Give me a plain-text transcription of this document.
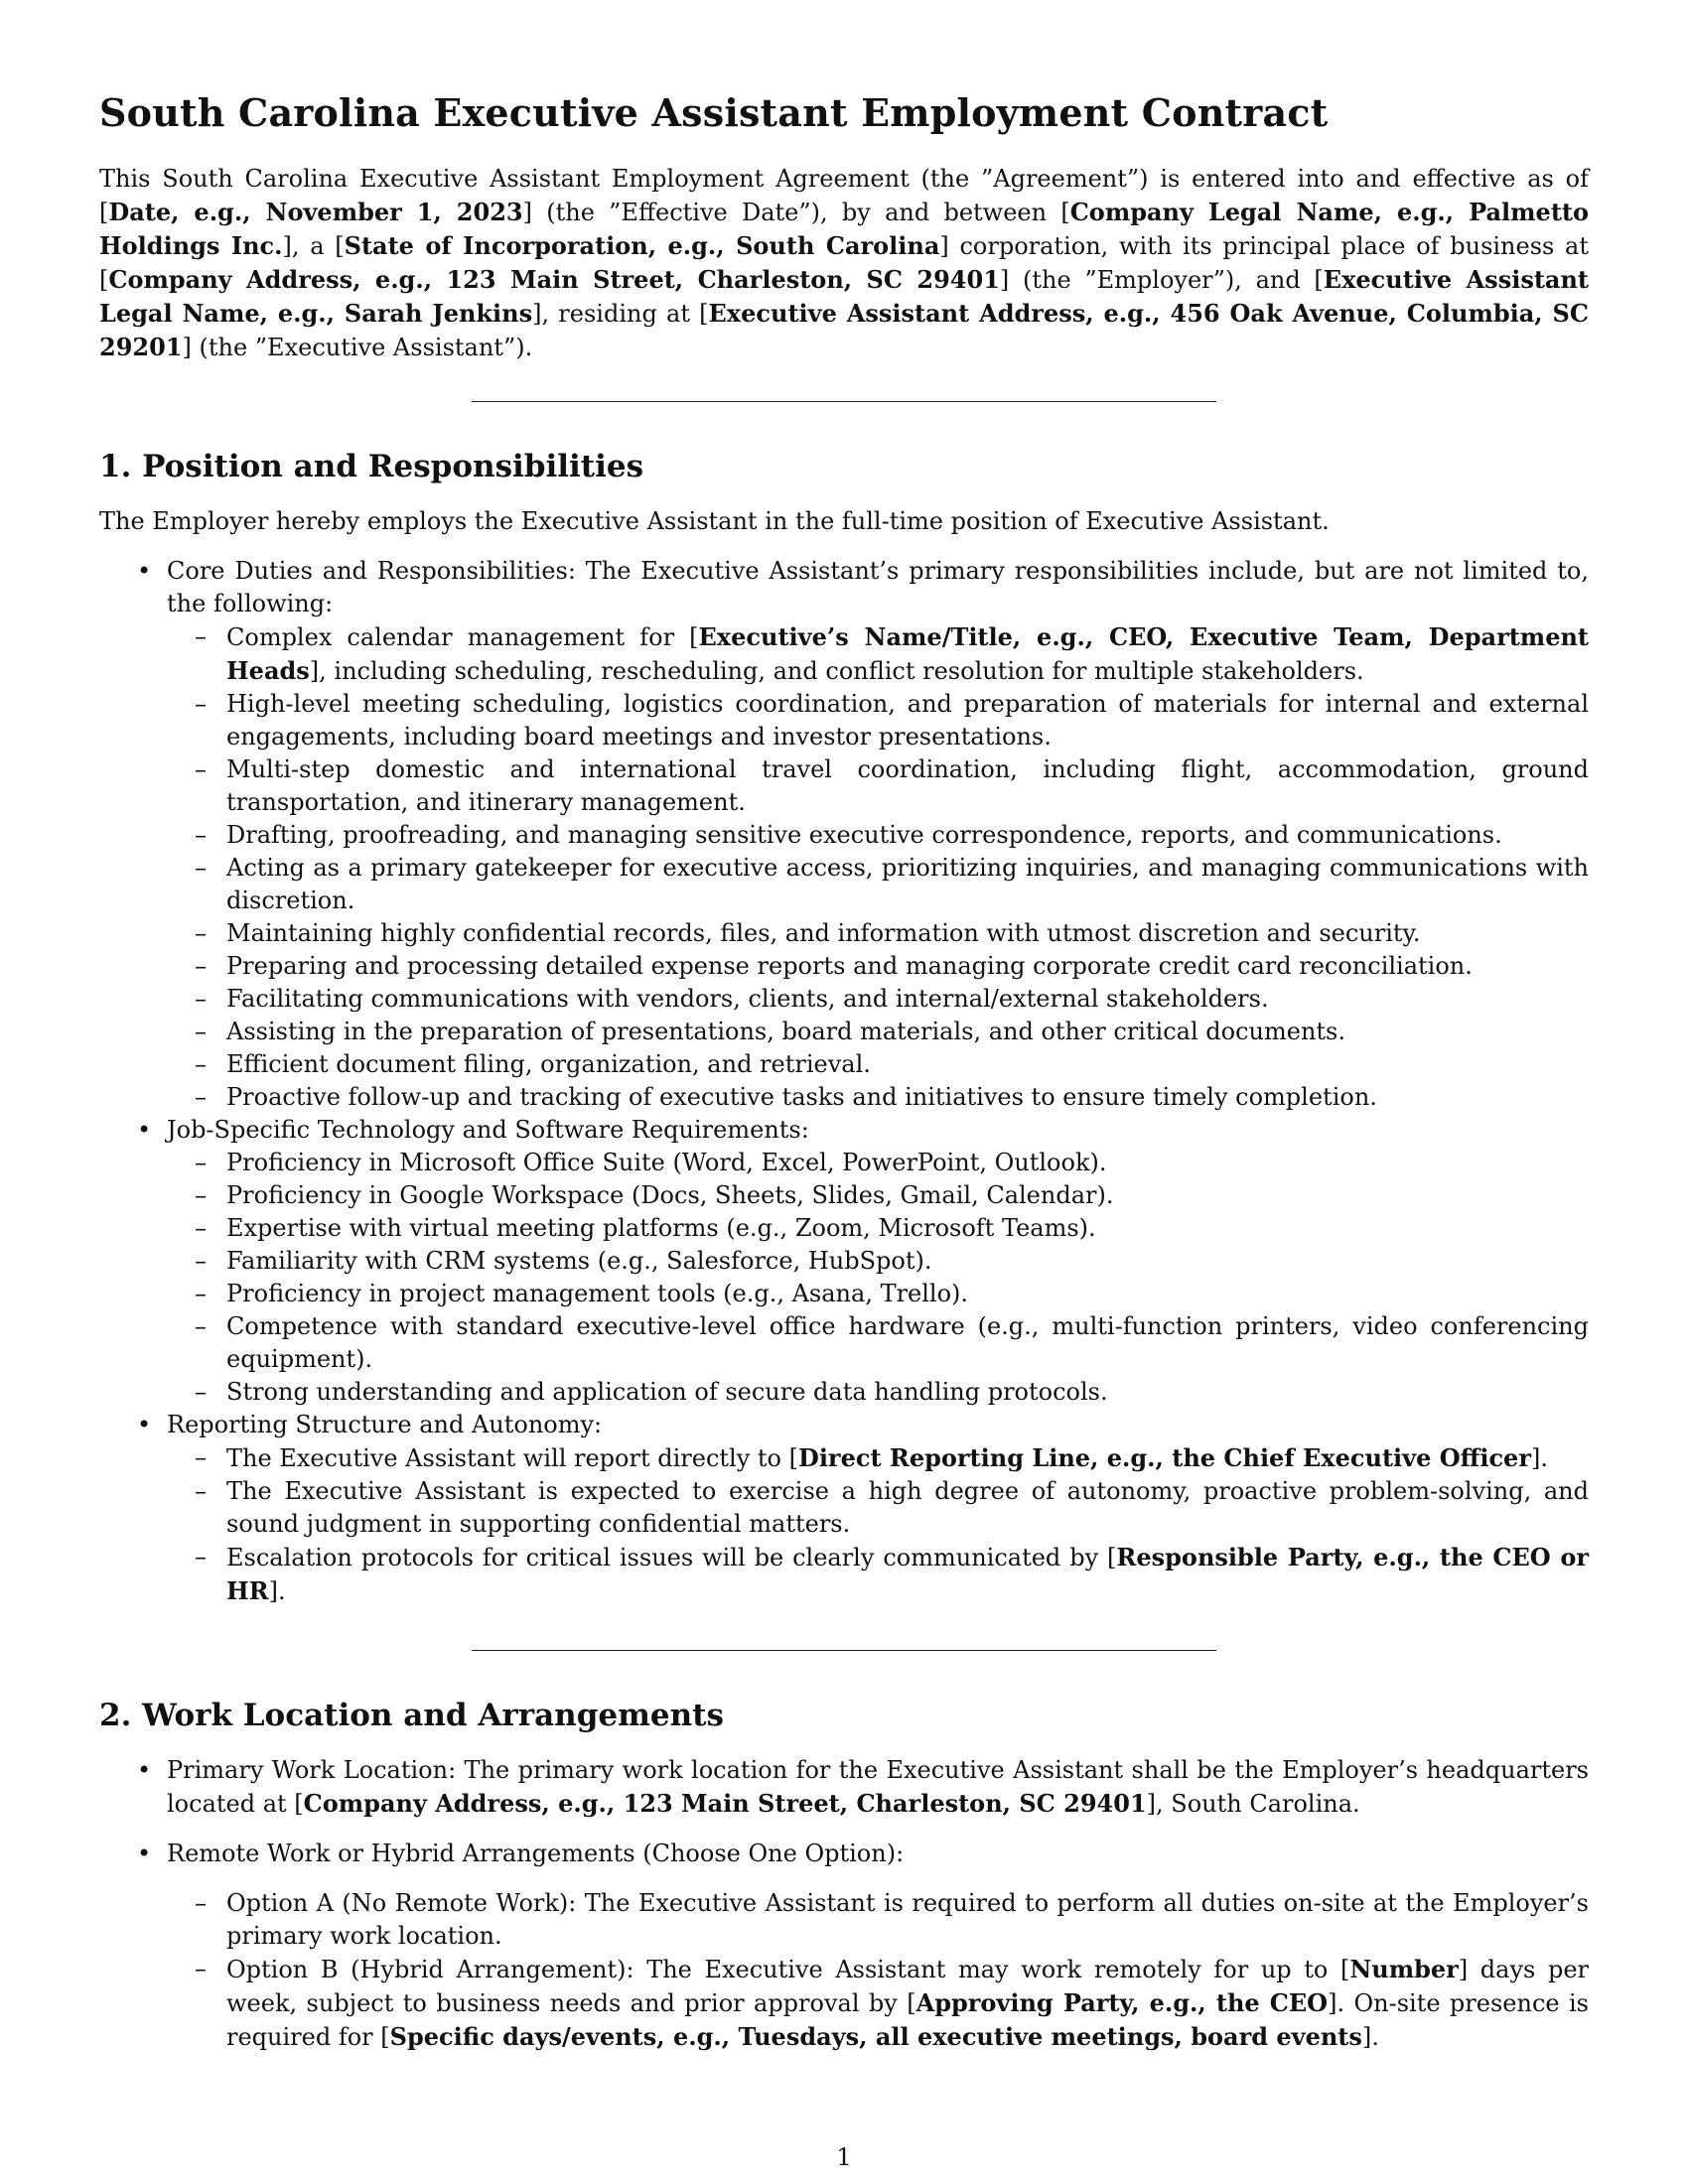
South Carolina Executive Assistant Employment Contract

This South Carolina Executive Assistant Employment Agreement (the ”Agreement”) is entered into and effective as of [Date, e.g., November 1, 2023] (the ”Effective Date”), by and between [Company Legal Name, e.g., Palmetto Holdings Inc.], a [State of Incorporation, e.g., South Carolina] corporation, with its principal place of business at [Company Address, e.g., 123 Main Street, Charleston, SC 29401] (the ”Employer”), and [Executive Assistant Legal Name, e.g., Sarah Jenkins], residing at [Executive Assistant Address, e.g., 456 Oak Avenue, Columbia, SC 29201] (the ”Executive Assistant”).

1. Position and Responsibilities

The Employer hereby employs the Executive Assistant in the full-time position of Executive Assistant.

• Core Duties and Responsibilities: The Executive Assistant’s primary responsibilities include, but are not limited to, the following:
– Complex calendar management for [Executive’s Name/Title, e.g., CEO, Executive Team, Department Heads], including scheduling, rescheduling, and conflict resolution for multiple stakeholders.
– High-level meeting scheduling, logistics coordination, and preparation of materials for internal and external engagements, including board meetings and investor presentations.
– Multi-step domestic and international travel coordination, including flight, accommodation, ground transportation, and itinerary management.
– Drafting, proofreading, and managing sensitive executive correspondence, reports, and communications.
– Acting as a primary gatekeeper for executive access, prioritizing inquiries, and managing communications with discretion.
– Maintaining highly confidential records, files, and information with utmost discretion and security.
– Preparing and processing detailed expense reports and managing corporate credit card reconciliation.
– Facilitating communications with vendors, clients, and internal/external stakeholders.
– Assisting in the preparation of presentations, board materials, and other critical documents.
– Efficient document filing, organization, and retrieval.
– Proactive follow-up and tracking of executive tasks and initiatives to ensure timely completion.
• Job-Specific Technology and Software Requirements:
– Proficiency in Microsoft Office Suite (Word, Excel, PowerPoint, Outlook).
– Proficiency in Google Workspace (Docs, Sheets, Slides, Gmail, Calendar).
– Expertise with virtual meeting platforms (e.g., Zoom, Microsoft Teams).
– Familiarity with CRM systems (e.g., Salesforce, HubSpot).
– Proficiency in project management tools (e.g., Asana, Trello).
– Competence with standard executive-level office hardware (e.g., multi-function printers, video conferencing equipment).
– Strong understanding and application of secure data handling protocols.
• Reporting Structure and Autonomy:
– The Executive Assistant will report directly to [Direct Reporting Line, e.g., the Chief Executive Officer].
– The Executive Assistant is expected to exercise a high degree of autonomy, proactive problem-solving, and sound judgment in supporting confidential matters.
– Escalation protocols for critical issues will be clearly communicated by [Responsible Party, e.g., the CEO or HR].
2. Work Location and Arrangements
• Primary Work Location: The primary work location for the Executive Assistant shall be the Employer’s headquarters located at [Company Address, e.g., 123 Main Street, Charleston, SC 29401], South Carolina.
• Remote Work or Hybrid Arrangements (Choose One Option):
– Option A (No Remote Work): The Executive Assistant is required to perform all duties on-site at the Employer’s primary work location.
– Option B (Hybrid Arrangement): The Executive Assistant may work remotely for up to [Number] days per week, subject to business needs and prior approval by [Approving Party, e.g., the CEO]. On-site presence is required for [Specific days/events, e.g., Tuesdays, all executive meetings, board events].
1
